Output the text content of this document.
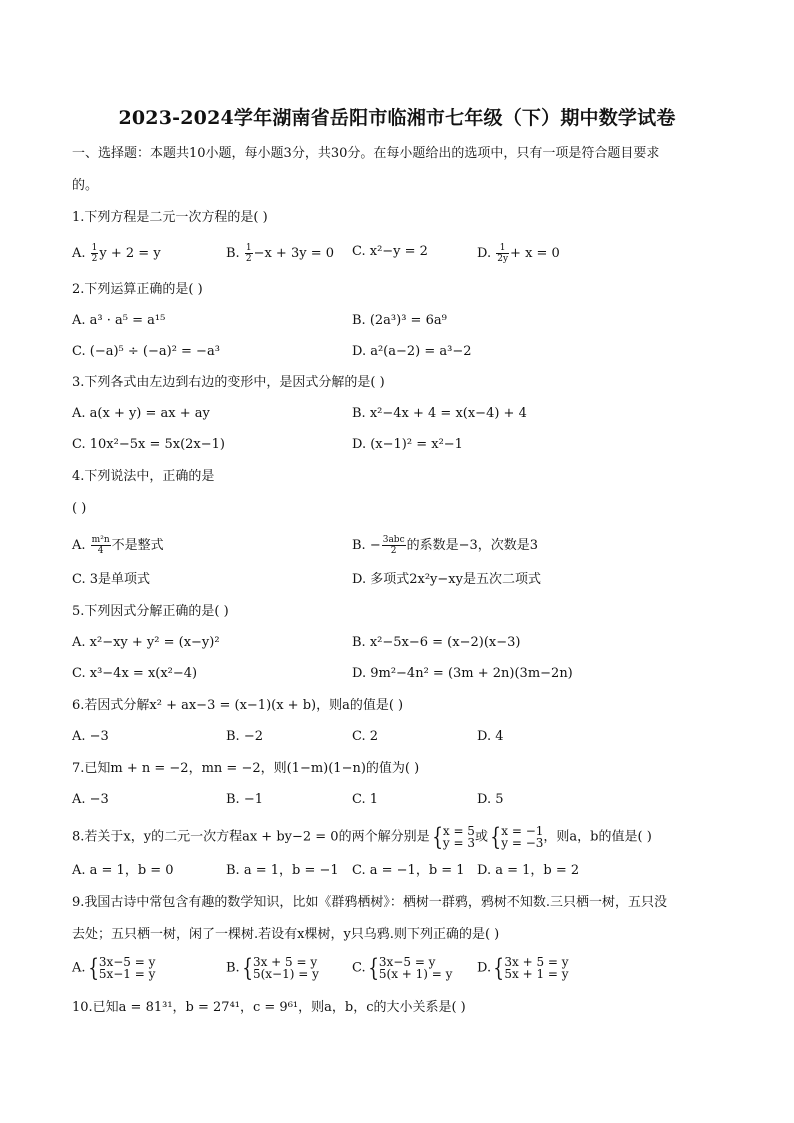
2023-2024学年湖南省岳阳市临湘市七年级（下）期中数学试卷
一、选择题：本题共10小题，每小题3分，共30分。在每小题给出的选项中，只有一项是符合题目要求
的。
1.下列方程是二元一次方程的是( )
A. $\frac{1}{2}$ y + 2 = y	B. $\frac{1}{2} -x + 3y = 0$ C. x²−y = 2	D. $\frac{1}{2y} + x = 0$
2.下列运算正确的是( )
A. a³ · a⁵ = a¹⁵	B. (2a³)³ = 6a⁹
C. (−a)⁵ ÷ (−a)² = −a³	D. a²(a−2) = a³−2
3.下列各式由左边到右边的变形中，是因式分解的是( )
A. a(x + y) = ax + ay	B. x²−4x + 4 = x(x−4) + 4
C. 10x²−5x = 5x(2x−1)	D. (x−1)² = x²−1
4.下列说法中，正确的是
( )
A. $\frac{\text{m²n}}{4}$ 不是整式	B. − $\frac{\text{3abc}}{2}$ 的系数是−3，次数是3
C. 3是单项式	D. 多项式2x²y−xy是五次二项式
5.下列因式分解正确的是( )
A. x²−xy + y² = (x−y)²	B. x²−5x−6 = (x−2)(x−3)
C. x³−4x = x(x²−4)	D. 9m²−4n² = (3m + 2n)(3m−2n)
6.若因式分解x² + ax−3 = (x−1)(x + b)，则a的值是( )
A. −3	B. −2	C. 2	D. 4
7.已知m + n = −2，mn = −2，则(1−m)(1−n)的值为( )
A. −3	B. −1	C. 1	D. 5
8.若关于x，y的二元一次方程ax + by−2 = 0的两个解分别是{ x = 5
y = 3 或{ x = −1
y = −3 ，则a，b的值是( )
A. a = 1，b = 0	B. a = 1，b = −1 C. a = −1，b = 1 D. a = 1，b = 2
9.我国古诗中常包含有趣的数学知识，比如《群鸦栖树》：栖树一群鸦，鸦树不知数.三只栖一树，五只没
去处；五只栖一树，闲了一棵树.若设有x棵树，y只乌鸦.则下列正确的是( )
A.{ 3x−5 = y
5x−1 = y	B.{ 3x + 5 = y
5(x−1) = y	C.{ 3x−5 = y
5(x + 1) = y D.{ 3x + 5 = y
5x + 1 = y
10.已知a = 81³¹，b = 27⁴¹，c = 9⁶¹，则a，b，c的大小关系是( )
